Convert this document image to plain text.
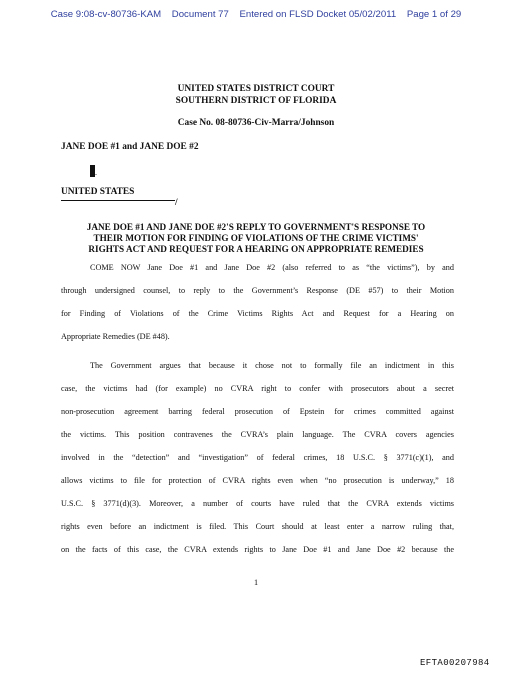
Case 9:08-cv-80736-KAM Document 77 Entered on FLSD Docket 05/02/2011 Page 1 of 29
UNITED STATES DISTRICT COURT
SOUTHERN DISTRICT OF FLORIDA
Case No. 08-80736-Civ-Marra/Johnson
JANE DOE #1 and JANE DOE #2
.
UNITED STATES
/
JANE DOE #1 AND JANE DOE #2'S REPLY TO GOVERNMENT'S RESPONSE TO
THEIR MOTION FOR FINDING OF VIOLATIONS OF THE CRIME VICTIMS'
RIGHTS ACT AND REQUEST FOR A HEARING ON APPROPRIATE REMEDIES
COME NOW Jane Doe #1 and Jane Doe #2 (also referred to as “the victims”), by and
through undersigned counsel, to reply to the Government’s Response (DE #57) to their Motion
for Finding of Violations of the Crime Victims Rights Act and Request for a Hearing on
Appropriate Remedies (DE #48).
The Government argues that because it chose not to formally file an indictment in this
case, the victims had (for example) no CVRA right to confer with prosecutors about a secret
non-prosecution agreement barring federal prosecution of Epstein for crimes committed against
the victims. This position contravenes the CVRA’s plain language. The CVRA covers agencies
involved in the “detection” and “investigation” of federal crimes, 18 U.S.C. § 3771(c)(1), and
allows victims to file for protection of CVRA rights even when “no prosecution is underway,” 18
U.S.C. § 3771(d)(3). Moreover, a number of courts have ruled that the CVRA extends victims
rights even before an indictment is filed. This Court should at least enter a narrow ruling that,
on the facts of this case, the CVRA extends rights to Jane Doe #1 and Jane Doe #2 because the
1
EFTA00207984
